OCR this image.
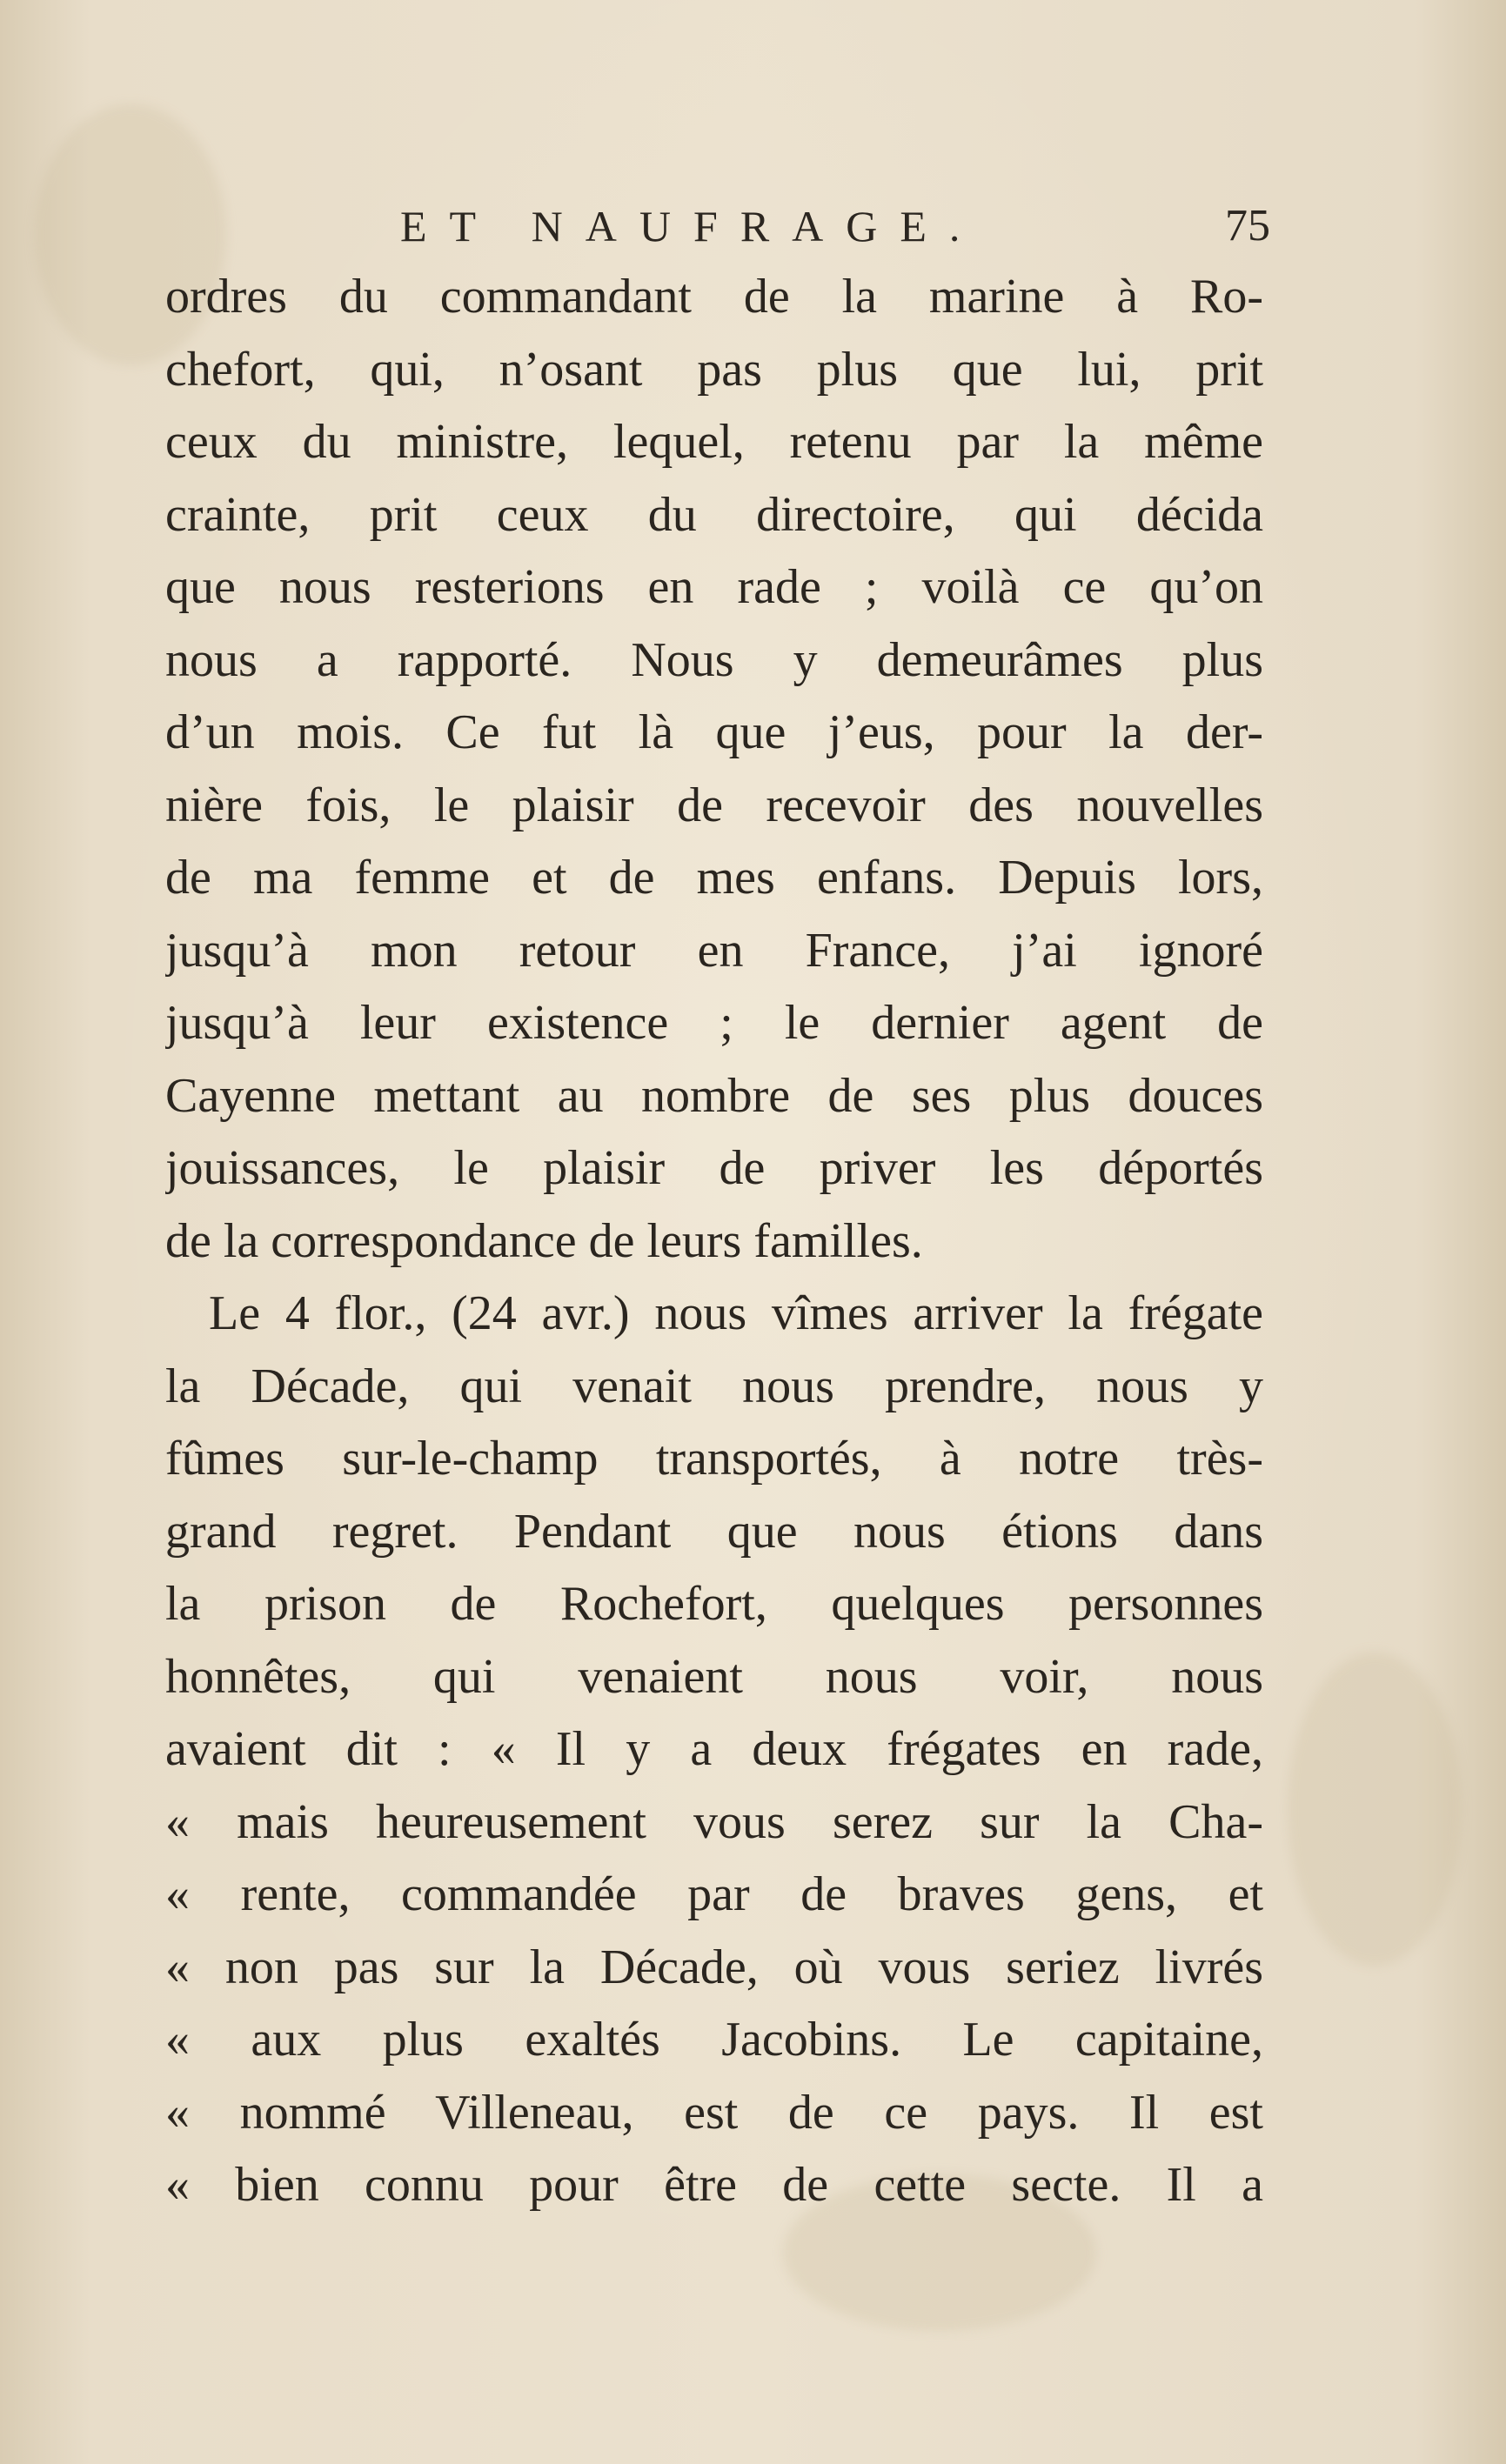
ET NAUFRAGE.	75
ordres du commandant de la marine à Ro-
chefort, qui, n’osant pas plus que lui, prit
ceux du ministre, lequel, retenu par la même
crainte, prit ceux du directoire, qui décida
que nous resterions en rade ; voilà ce qu’on
nous a rapporté. Nous y demeurâmes plus
d’un mois. Ce fut là que j’eus, pour la der-
nière fois, le plaisir de recevoir des nouvelles
de ma femme et de mes enfans. Depuis lors,
jusqu’à mon retour en France, j’ai ignoré
jusqu’à leur existence ; le dernier agent de
Cayenne mettant au nombre de ses plus douces
jouissances, le plaisir de priver les déportés
de la correspondance de leurs familles.
Le 4 flor., (24 avr.) nous vîmes arriver la frégate
la Décade, qui venait nous prendre, nous y
fûmes sur-le-champ transportés, à notre très-
grand regret. Pendant que nous étions dans
la prison de Rochefort, quelques personnes
honnêtes, qui venaient nous voir, nous
avaient dit : « Il y a deux frégates en rade,
« mais heureusement vous serez sur la Cha-
« rente, commandée par de braves gens, et
« non pas sur la Décade, où vous seriez livrés
« aux plus exaltés Jacobins. Le capitaine,
« nommé Villeneau, est de ce pays. Il est
« bien connu pour être de cette secte. Il a
